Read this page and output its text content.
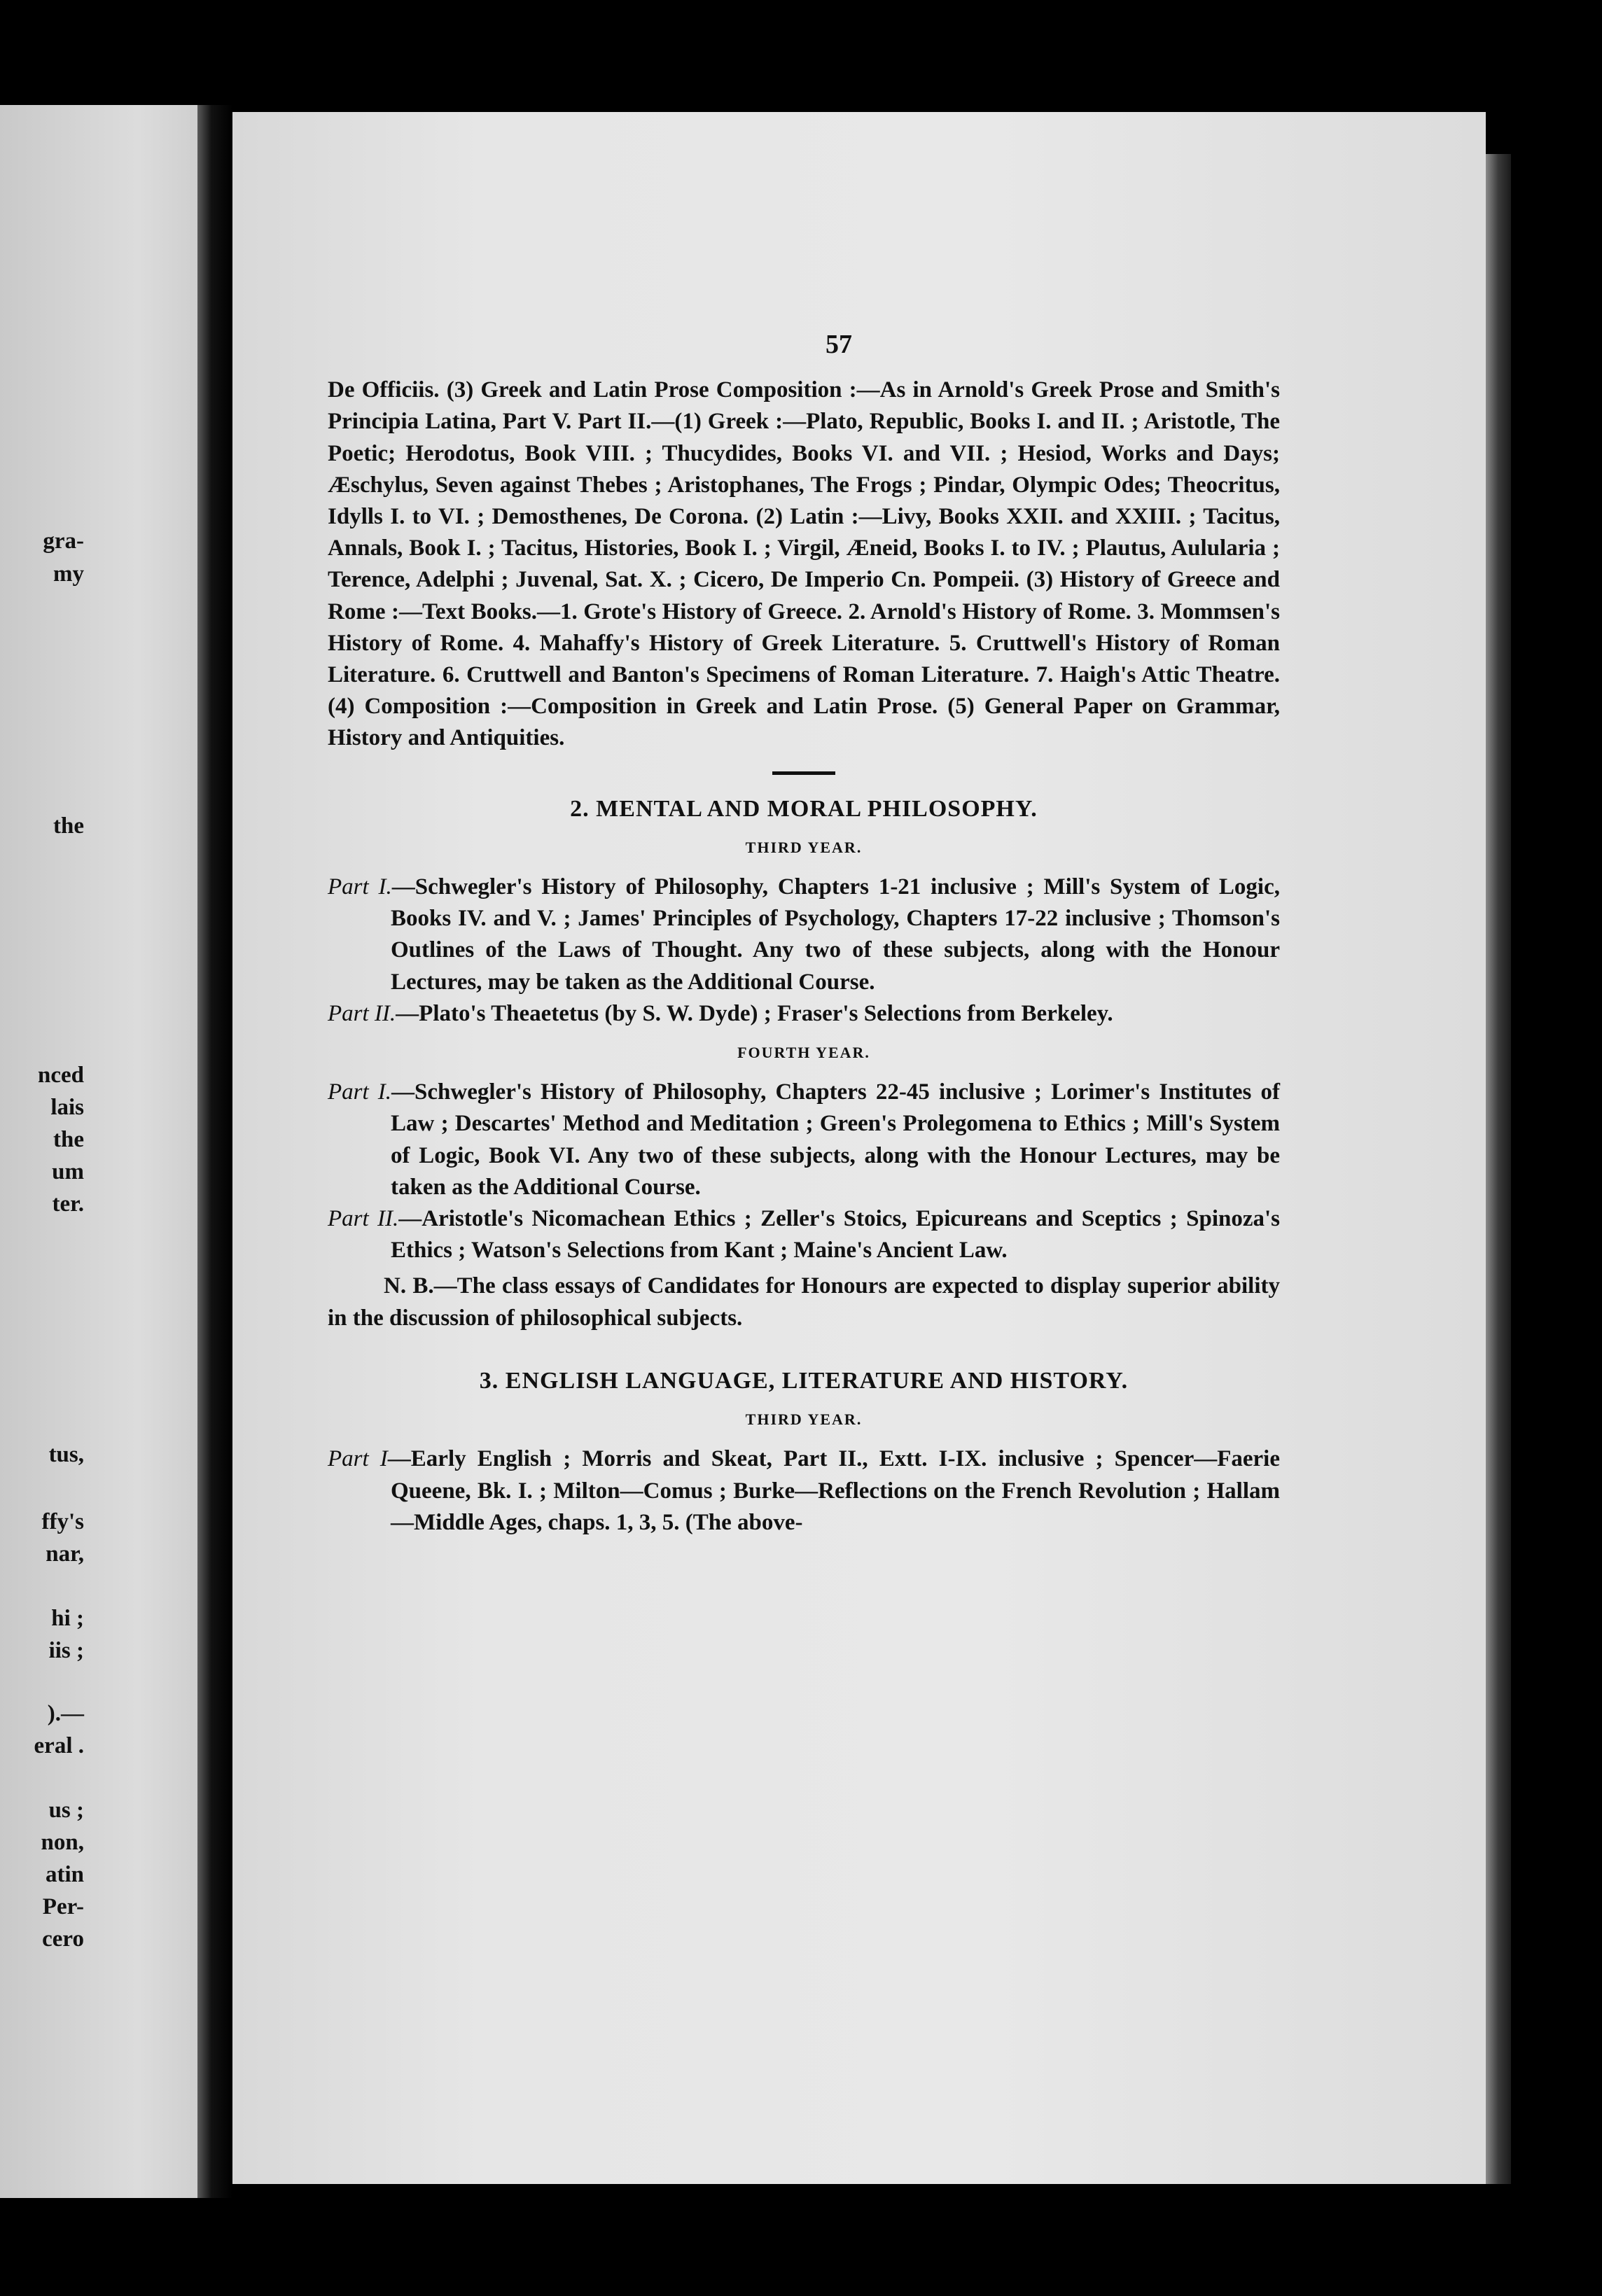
gra-
my
the
nced
lais
the
um
ter.
tus,
ffy's
nar,
hi ;
iis ;
).—
eral .
us ;
non,
atin
Per-
cero
57

De Officiis. (3) Greek and Latin Prose Composition :—As in Arnold's Greek Prose and Smith's Principia Latina, Part V. Part II.—(1) Greek :—Plato, Republic, Books I. and II. ; Aristotle, The Poetic; Herodotus, Book VIII. ; Thucydides, Books VI. and VII. ; Hesiod, Works and Days; Æschylus, Seven against Thebes ; Aristophanes, The Frogs ; Pindar, Olympic Odes; Theocritus, Idylls I. to VI. ; Demosthenes, De Corona. (2) Latin :—Livy, Books XXII. and XXIII. ; Tacitus, Annals, Book I. ; Tacitus, Histories, Book I. ; Virgil, Æneid, Books I. to IV. ; Plautus, Aulularia ; Terence, Adelphi ; Juvenal, Sat. X. ; Cicero, De Imperio Cn. Pompeii. (3) History of Greece and Rome :—Text Books.—1. Grote's History of Greece. 2. Arnold's History of Rome. 3. Mommsen's History of Rome. 4. Mahaffy's History of Greek Literature. 5. Cruttwell's History of Roman Literature. 6. Cruttwell and Banton's Specimens of Roman Literature. 7. Haigh's Attic Theatre. (4) Composition :—Composition in Greek and Latin Prose. (5) General Paper on Grammar, History and Antiquities.

2. MENTAL AND MORAL PHILOSOPHY.
THIRD YEAR.

Part I.—Schwegler's History of Philosophy, Chapters 1-21 inclusive ; Mill's System of Logic, Books IV. and V. ; James' Principles of Psychology, Chapters 17-22 inclusive ; Thomson's Outlines of the Laws of Thought. Any two of these subjects, along with the Honour Lectures, may be taken as the Additional Course.

Part II.—Plato's Theaetetus (by S. W. Dyde) ; Fraser's Selections from Berkeley.

FOURTH YEAR.

Part I.—Schwegler's History of Philosophy, Chapters 22-45 inclusive ; Lorimer's Institutes of Law ; Descartes' Method and Meditation ; Green's Prolegomena to Ethics ; Mill's System of Logic, Book VI. Any two of these subjects, along with the Honour Lectures, may be taken as the Additional Course.

Part II.—Aristotle's Nicomachean Ethics ; Zeller's Stoics, Epicureans and Sceptics ; Spinoza's Ethics ; Watson's Selections from Kant ; Maine's Ancient Law.

N. B.—The class essays of Candidates for Honours are expected to display superior ability in the discussion of philosophical subjects.

3. ENGLISH LANGUAGE, LITERATURE AND HISTORY.
THIRD YEAR.

Part I—Early English ; Morris and Skeat, Part II., Extt. I-IX. inclusive ; Spencer—Faerie Queene, Bk. I. ; Milton—Comus ; Burke—Reflections on the French Revolution ; Hallam—Middle Ages, chaps. 1, 3, 5. (The above-
